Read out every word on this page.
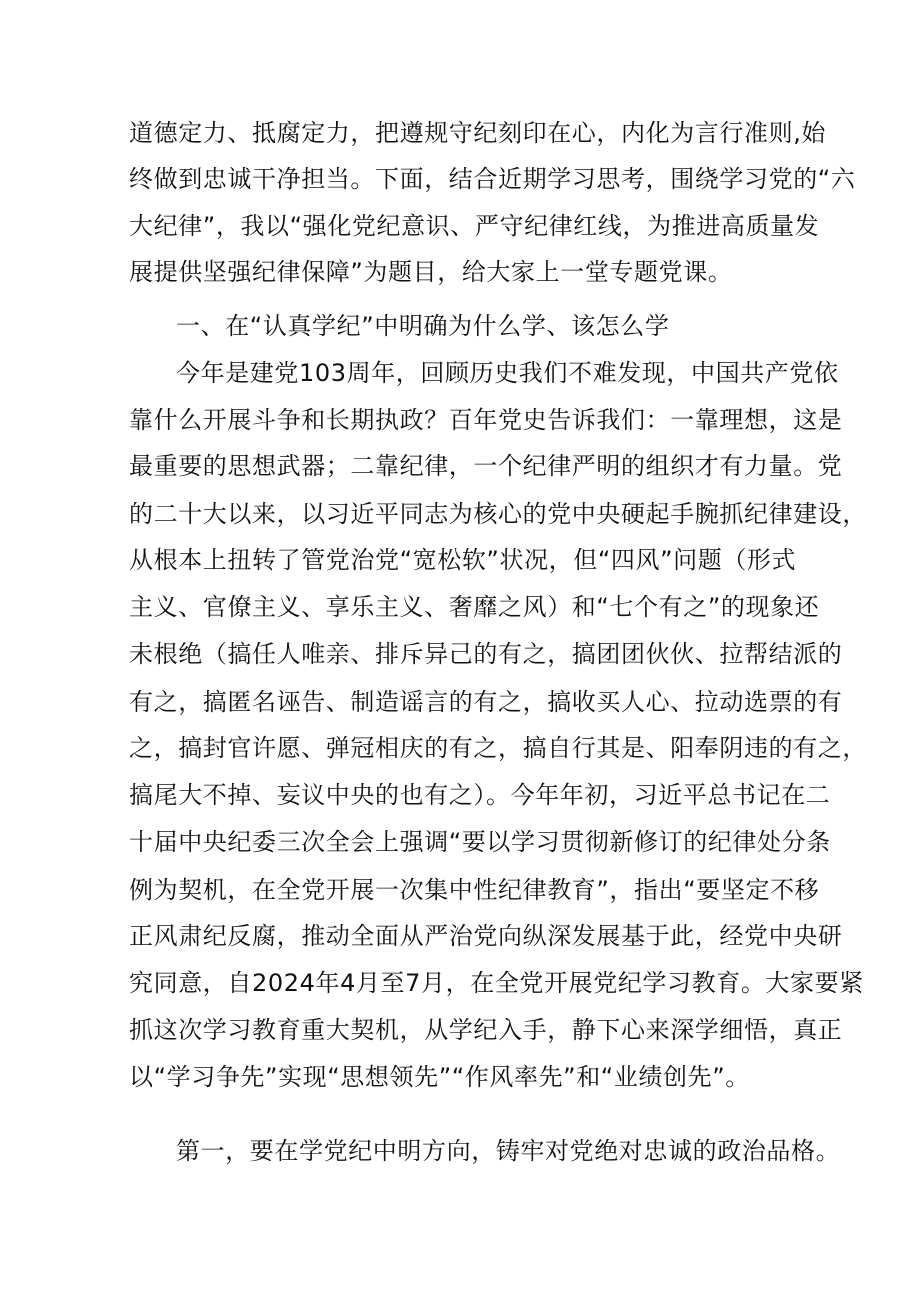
道德定力、抵腐定力，把遵规守纪刻印在心，内化为言行准则,始
终做到忠诚干净担当。下面，结合近期学习思考，围绕学习党的“六
大纪律”，我以“强化党纪意识、严守纪律红线，为推进高质量发
展提供坚强纪律保障”为题目，给大家上一堂专题党课。
一、在“认真学纪”中明确为什么学、该怎么学
今年是建党103周年，回顾历史我们不难发现，中国共产党依
靠什么开展斗争和长期执政？百年党史告诉我们：一靠理想，这是
最重要的思想武器；二靠纪律，一个纪律严明的组织才有力量。党
的二十大以来，以习近平同志为核心的党中央硬起手腕抓纪律建设，
从根本上扭转了管党治党“宽松软”状况，但“四风”问题（形式
主义、官僚主义、享乐主义、奢靡之风）和“七个有之”的现象还
未根绝（搞任人唯亲、排斥异己的有之，搞团团伙伙、拉帮结派的
有之，搞匿名诬告、制造谣言的有之，搞收买人心、拉动选票的有
之，搞封官许愿、弹冠相庆的有之，搞自行其是、阳奉阴违的有之，
搞尾大不掉、妄议中央的也有之）。今年年初，习近平总书记在二
十届中央纪委三次全会上强调“要以学习贯彻新修订的纪律处分条
例为契机，在全党开展一次集中性纪律教育”，指出“要坚定不移
正风肃纪反腐，推动全面从严治党向纵深发展基于此，经党中央研
究同意，自2024年4月至7月，在全党开展党纪学习教育。大家要紧
抓这次学习教育重大契机，从学纪入手，静下心来深学细悟，真正
以“学习争先”实现“思想领先”“作风率先”和“业绩创先”。
第一，要在学党纪中明方向，铸牢对党绝对忠诚的政治品格。
